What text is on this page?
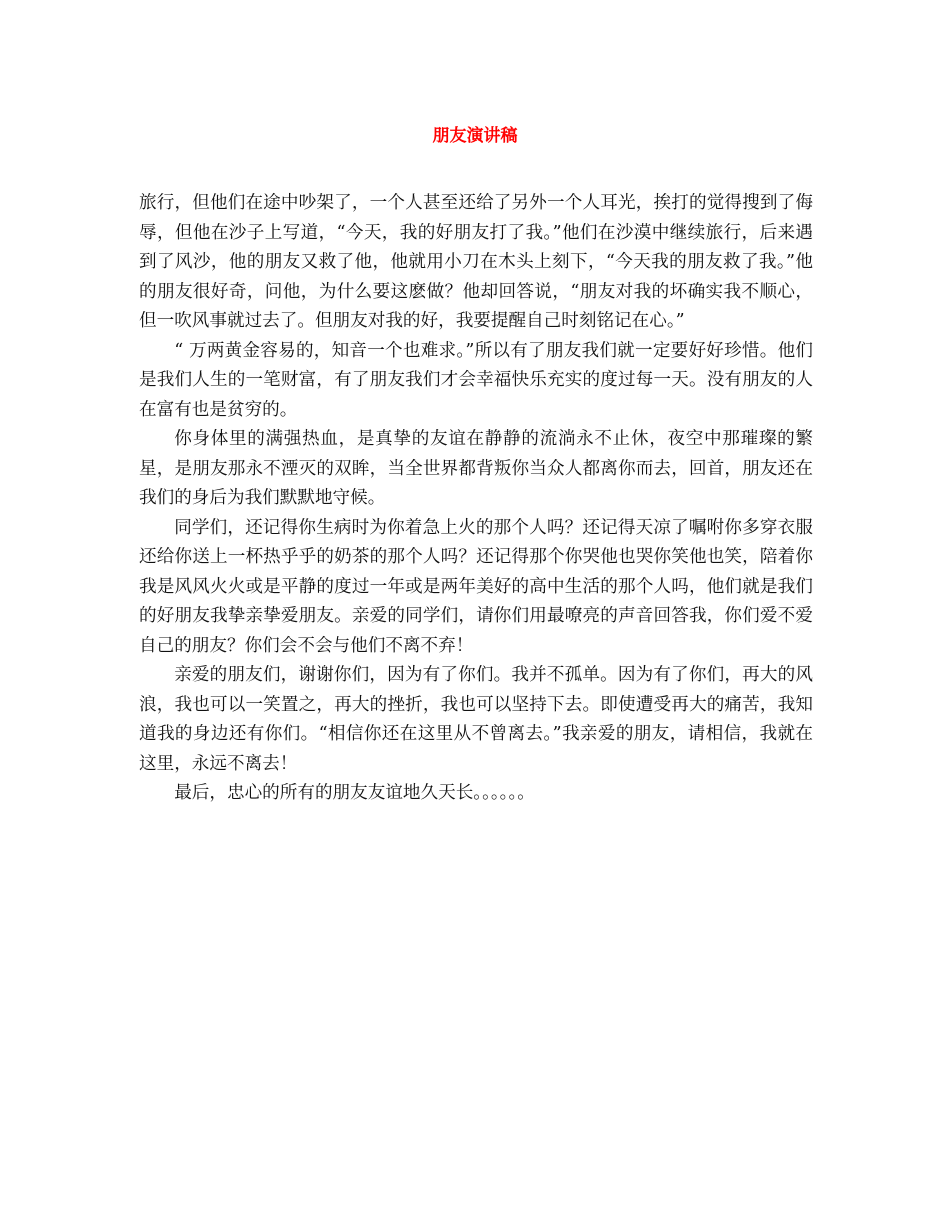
朋友演讲稿

旅行，但他们在途中吵架了，一个人甚至还给了另外一个人耳光，挨打的觉得搜到了侮辱，但他在沙子上写道，“今天，我的好朋友打了我。”他们在沙漠中继续旅行，后来遇到了风沙，他的朋友又救了他，他就用小刀在木头上刻下，“今天我的朋友救了我。”他的朋友很好奇，问他，为什么要这麽做？他却回答说，“朋友对我的坏确实我不顺心，但一吹风事就过去了。但朋友对我的好，我要提醒自己时刻铭记在心。”

“ 万两黄金容易的，知音一个也难求。”所以有了朋友我们就一定要好好珍惜。他们是我们人生的一笔财富，有了朋友我们才会幸福快乐充实的度过每一天。没有朋友的人在富有也是贫穷的。

你身体里的满强热血，是真挚的友谊在静静的流淌永不止休，夜空中那璀璨的繁星，是朋友那永不湮灭的双眸，当全世界都背叛你当众人都离你而去，回首，朋友还在我们的身后为我们默默地守候。

同学们，还记得你生病时为你着急上火的那个人吗？还记得天凉了嘱咐你多穿衣服还给你送上一杯热乎乎的奶茶的那个人吗？还记得那个你哭他也哭你笑他也笑，陪着你我是风风火火或是平静的度过一年或是两年美好的高中生活的那个人吗，他们就是我们的好朋友我挚亲挚爱朋友。亲爱的同学们，请你们用最嘹亮的声音回答我，你们爱不爱自己的朋友？你们会不会与他们不离不弃！

亲爱的朋友们，谢谢你们，因为有了你们。我并不孤单。因为有了你们，再大的风浪，我也可以一笑置之，再大的挫折，我也可以坚持下去。即使遭受再大的痛苦，我知道我的身边还有你们。“相信你还在这里从不曾离去。”我亲爱的朋友，请相信，我就在这里，永远不离去！

最后，忠心的所有的朋友友谊地久天长。。。。。。
